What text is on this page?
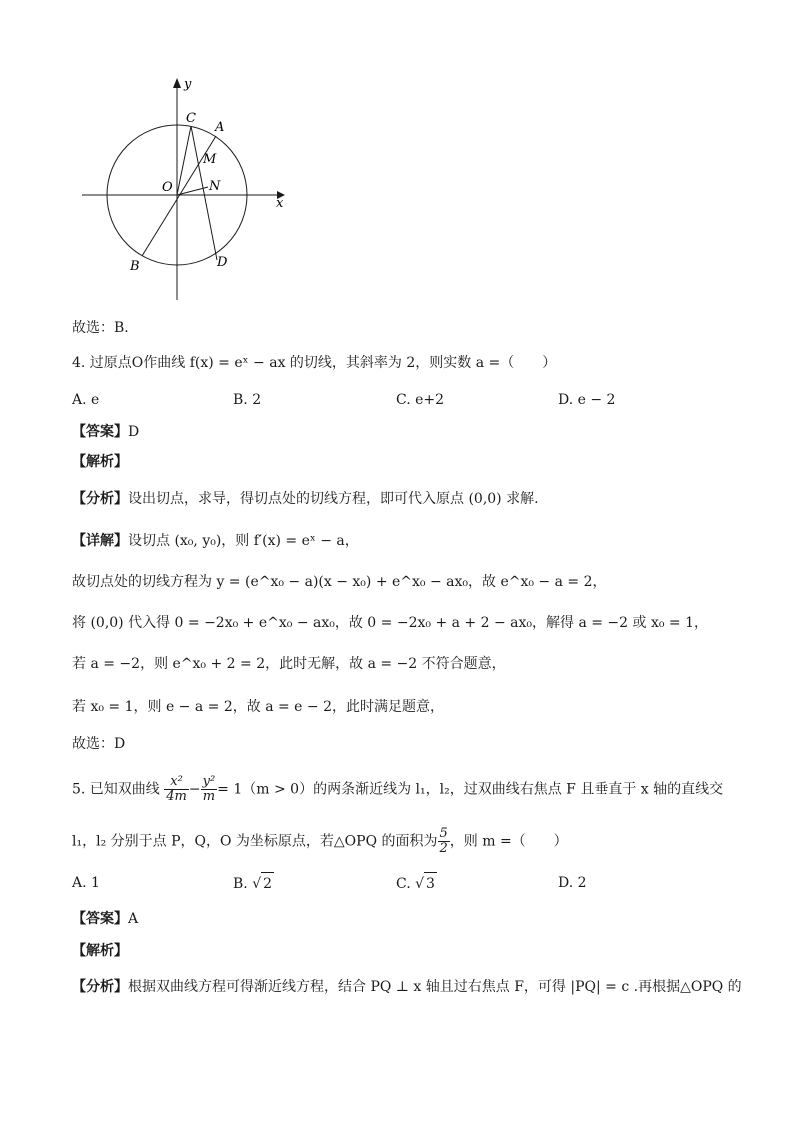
y
x
C
A
M
O	N
B	D
故选：B.
4. 过原点O作曲线 f(x) = eˣ − ax 的切线，其斜率为 2，则实数 a =（　　）
A. e	B. 2	C. e+2	D. e − 2
【答案】D
【解析】
【分析】设出切点，求导，得切点处的切线方程，即可代入原点 (0,0) 求解.
【详解】设切点 (x₀, y₀)，则 f′(x) = eˣ − a，
故切点处的切线方程为 y = (e^x₀ − a)(x − x₀) + e^x₀ − ax₀，故 e^x₀ − a = 2，
将 (0,0) 代入得 0 = −2x₀ + e^x₀ − ax₀，故 0 = −2x₀ + a + 2 − ax₀，解得 a = −2 或 x₀ = 1，
若 a = −2，则 e^x₀ + 2 = 2，此时无解，故 a = −2 不符合题意，
若 x₀ = 1，则 e − a = 2，故 a = e − 2，此时满足题意，
故选：D
5. 已知双曲线 $\frac{\text{x²}}{4m} - \frac{\text{y²}}{m} = 1(m > 0)$的两条渐近线为 l₁，l₂，过双曲线右焦点 F 且垂直于 x 轴的直线交
l₁，l₂ 分别于点 P，Q，O 为坐标原点，若△OPQ 的面积为 $\frac{5}{2}$ ，则 m =（　　）
A. 1	B. √ 2	C. √ 3	D. 2
【答案】A
【解析】
【分析】根据双曲线方程可得渐近线方程，结合 PQ ⊥ x 轴且过右焦点 F，可得 |PQ| = c .再根据△OPQ 的
